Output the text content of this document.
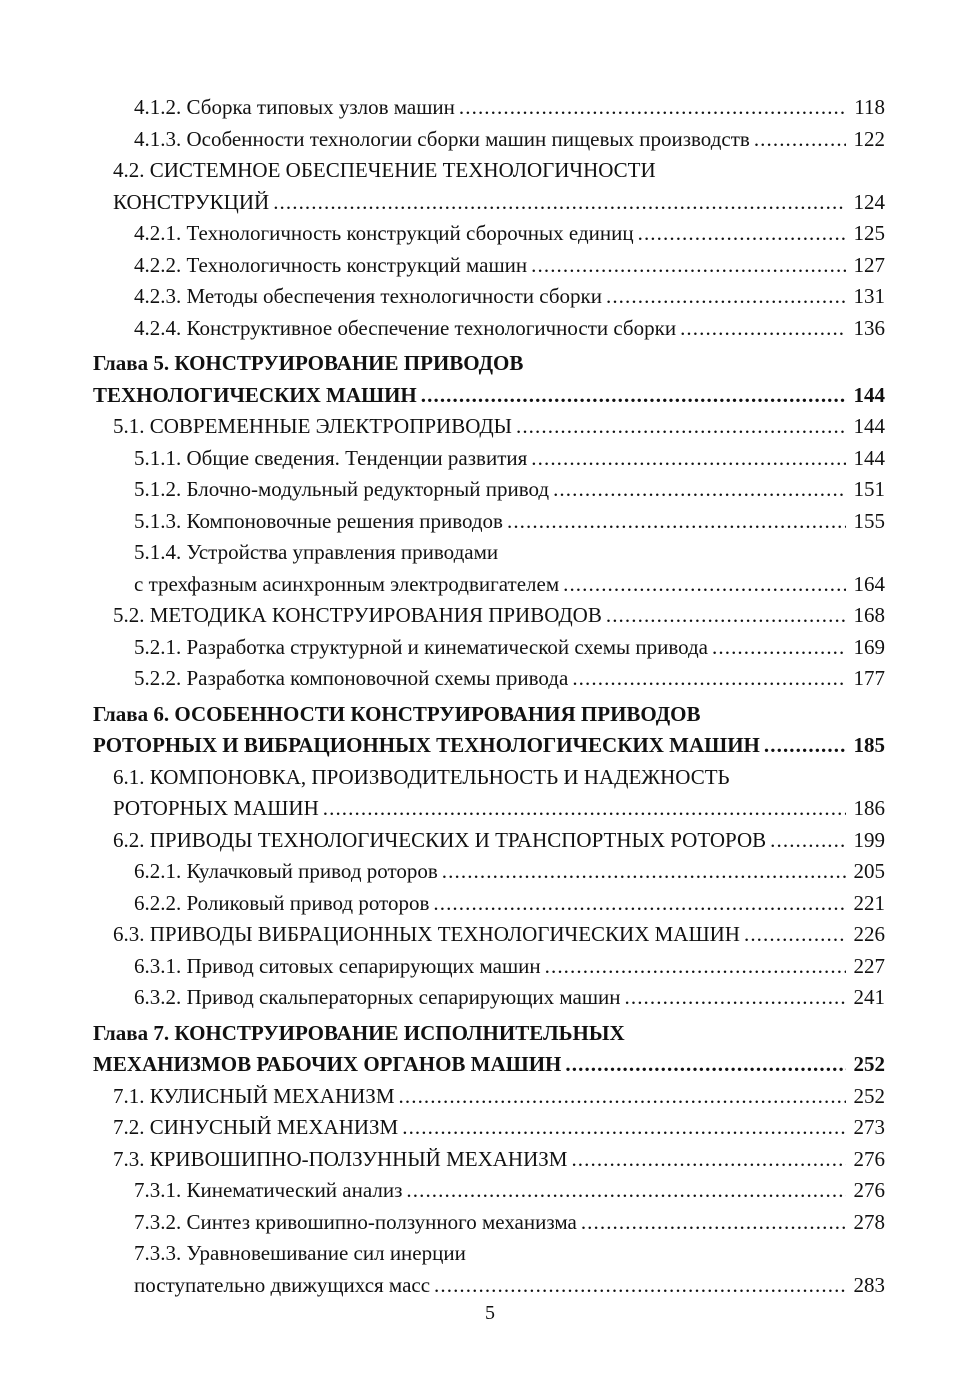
4.1.2. Сборка типовых узлов машин .....	118
4.1.3. Особенности технологии сборки машин пищевых производств .....	122
4.2. СИСТЕМНОЕ ОБЕСПЕЧЕНИЕ ТЕХНОЛОГИЧНОСТИ
КОНСТРУКЦИЙ .....	124
4.2.1. Технологичность конструкций сборочных единиц .....	125
4.2.2. Технологичность конструкций машин .....	127
4.2.3. Методы обеспечения технологичности сборки .....	131
4.2.4. Конструктивное обеспечение технологичности сборки .....	136
Глава 5. КОНСТРУИРОВАНИЕ ПРИВОДОВ
ТЕХНОЛОГИЧЕСКИХ МАШИН .....	144
5.1. СОВРЕМЕННЫЕ ЭЛЕКТРОПРИВОДЫ .....	144
5.1.1. Общие сведения. Тенденции развития .....	144
5.1.2. Блочно-модульный редукторный привод .....	151
5.1.3. Компоновочные решения приводов .....	155
5.1.4. Устройства управления приводами
с трехфазным асинхронным электродвигателем .....	164
5.2. МЕТОДИКА КОНСТРУИРОВАНИЯ ПРИВОДОВ .....	168
5.2.1. Разработка структурной и кинематической схемы привода .....	169
5.2.2. Разработка компоновочной схемы привода .....	177
Глава 6. ОСОБЕННОСТИ КОНСТРУИРОВАНИЯ ПРИВОДОВ
РОТОРНЫХ И ВИБРАЦИОННЫХ ТЕХНОЛОГИЧЕСКИХ МАШИН .....	185
6.1. КОМПОНОВКА, ПРОИЗВОДИТЕЛЬНОСТЬ И НАДЕЖНОСТЬ
РОТОРНЫХ МАШИН .....	186
6.2. ПРИВОДЫ ТЕХНОЛОГИЧЕСКИХ И ТРАНСПОРТНЫХ РОТОРОВ .....	199
6.2.1. Кулачковый привод роторов .....	205
6.2.2. Роликовый привод роторов .....	221
6.3. ПРИВОДЫ ВИБРАЦИОННЫХ ТЕХНОЛОГИЧЕСКИХ МАШИН .....	226
6.3.1. Привод ситовых сепарирующих машин .....	227
6.3.2. Привод скальператорных сепарирующих машин .....	241
Глава 7. КОНСТРУИРОВАНИЕ ИСПОЛНИТЕЛЬНЫХ
МЕХАНИЗМОВ РАБОЧИХ ОРГАНОВ МАШИН .....	252
7.1. КУЛИСНЫЙ МЕХАНИЗМ .....	252
7.2. СИНУСНЫЙ МЕХАНИЗМ .....	273
7.3. КРИВОШИПНО-ПОЛЗУННЫЙ МЕХАНИЗМ .....	276
7.3.1. Кинематический анализ .....	276
7.3.2. Синтез кривошипно-ползунного механизма .....	278
7.3.3. Уравновешивание сил инерции
поступательно движущихся масс .....	283
5
